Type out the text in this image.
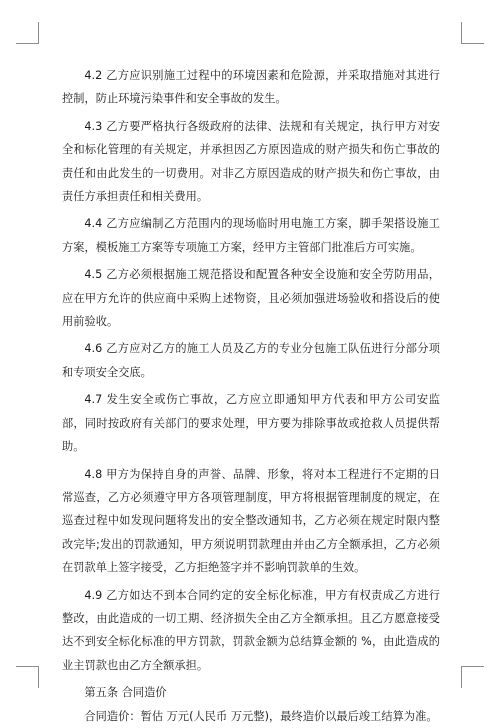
4.2 乙方应识别施工过程中的环境因素和危险源，并采取措施对其进行控制，防止环境污染事件和安全事故的发生。

4.3 乙方要严格执行各级政府的法律、法规和有关规定，执行甲方对安全和标化管理的有关规定，并承担因乙方原因造成的财产损失和伤亡事故的责任和由此发生的一切费用。对非乙方原因造成的财产损失和伤亡事故，由责任方承担责任和相关费用。

4.4 乙方应编制乙方范围内的现场临时用电施工方案，脚手架搭设施工方案，模板施工方案等专项施工方案，经甲方主管部门批准后方可实施。

4.5 乙方必须根据施工规范搭设和配置各种安全设施和安全劳防用品，应在甲方允许的供应商中采购上述物资，且必须加强进场验收和搭设后的使用前验收。

4.6 乙方应对乙方的施工人员及乙方的专业分包施工队伍进行分部分项和专项安全交底。

4.7 发生安全或伤亡事故，乙方应立即通知甲方代表和甲方公司安监部，同时按政府有关部门的要求处理，甲方要为排除事故或抢救人员提供帮助。

4.8 甲方为保持自身的声誉、品牌、形象，将对本工程进行不定期的日常巡查，乙方必须遵守甲方各项管理制度，甲方将根据管理制度的规定，在巡查过程中如发现问题将发出的安全整改通知书，乙方必须在规定时限内整改完毕;发出的罚款通知，甲方须说明罚款理由并由乙方全额承担，乙方必须在罚款单上签字接受，乙方拒绝签字并不影响罚款单的生效。

4.9 乙方如达不到本合同约定的安全标化标准，甲方有权责成乙方进行整改，由此造成的一切工期、经济损失全由乙方全额承担。且乙方愿意接受达不到安全标化标准的甲方罚款，罚款金额为总结算金额的 %，由此造成的业主罚款也由乙方全额承担。

第五条 合同造价

合同造价：暂估 万元(人民币 万元整)，最终造价以最后竣工结算为准。
